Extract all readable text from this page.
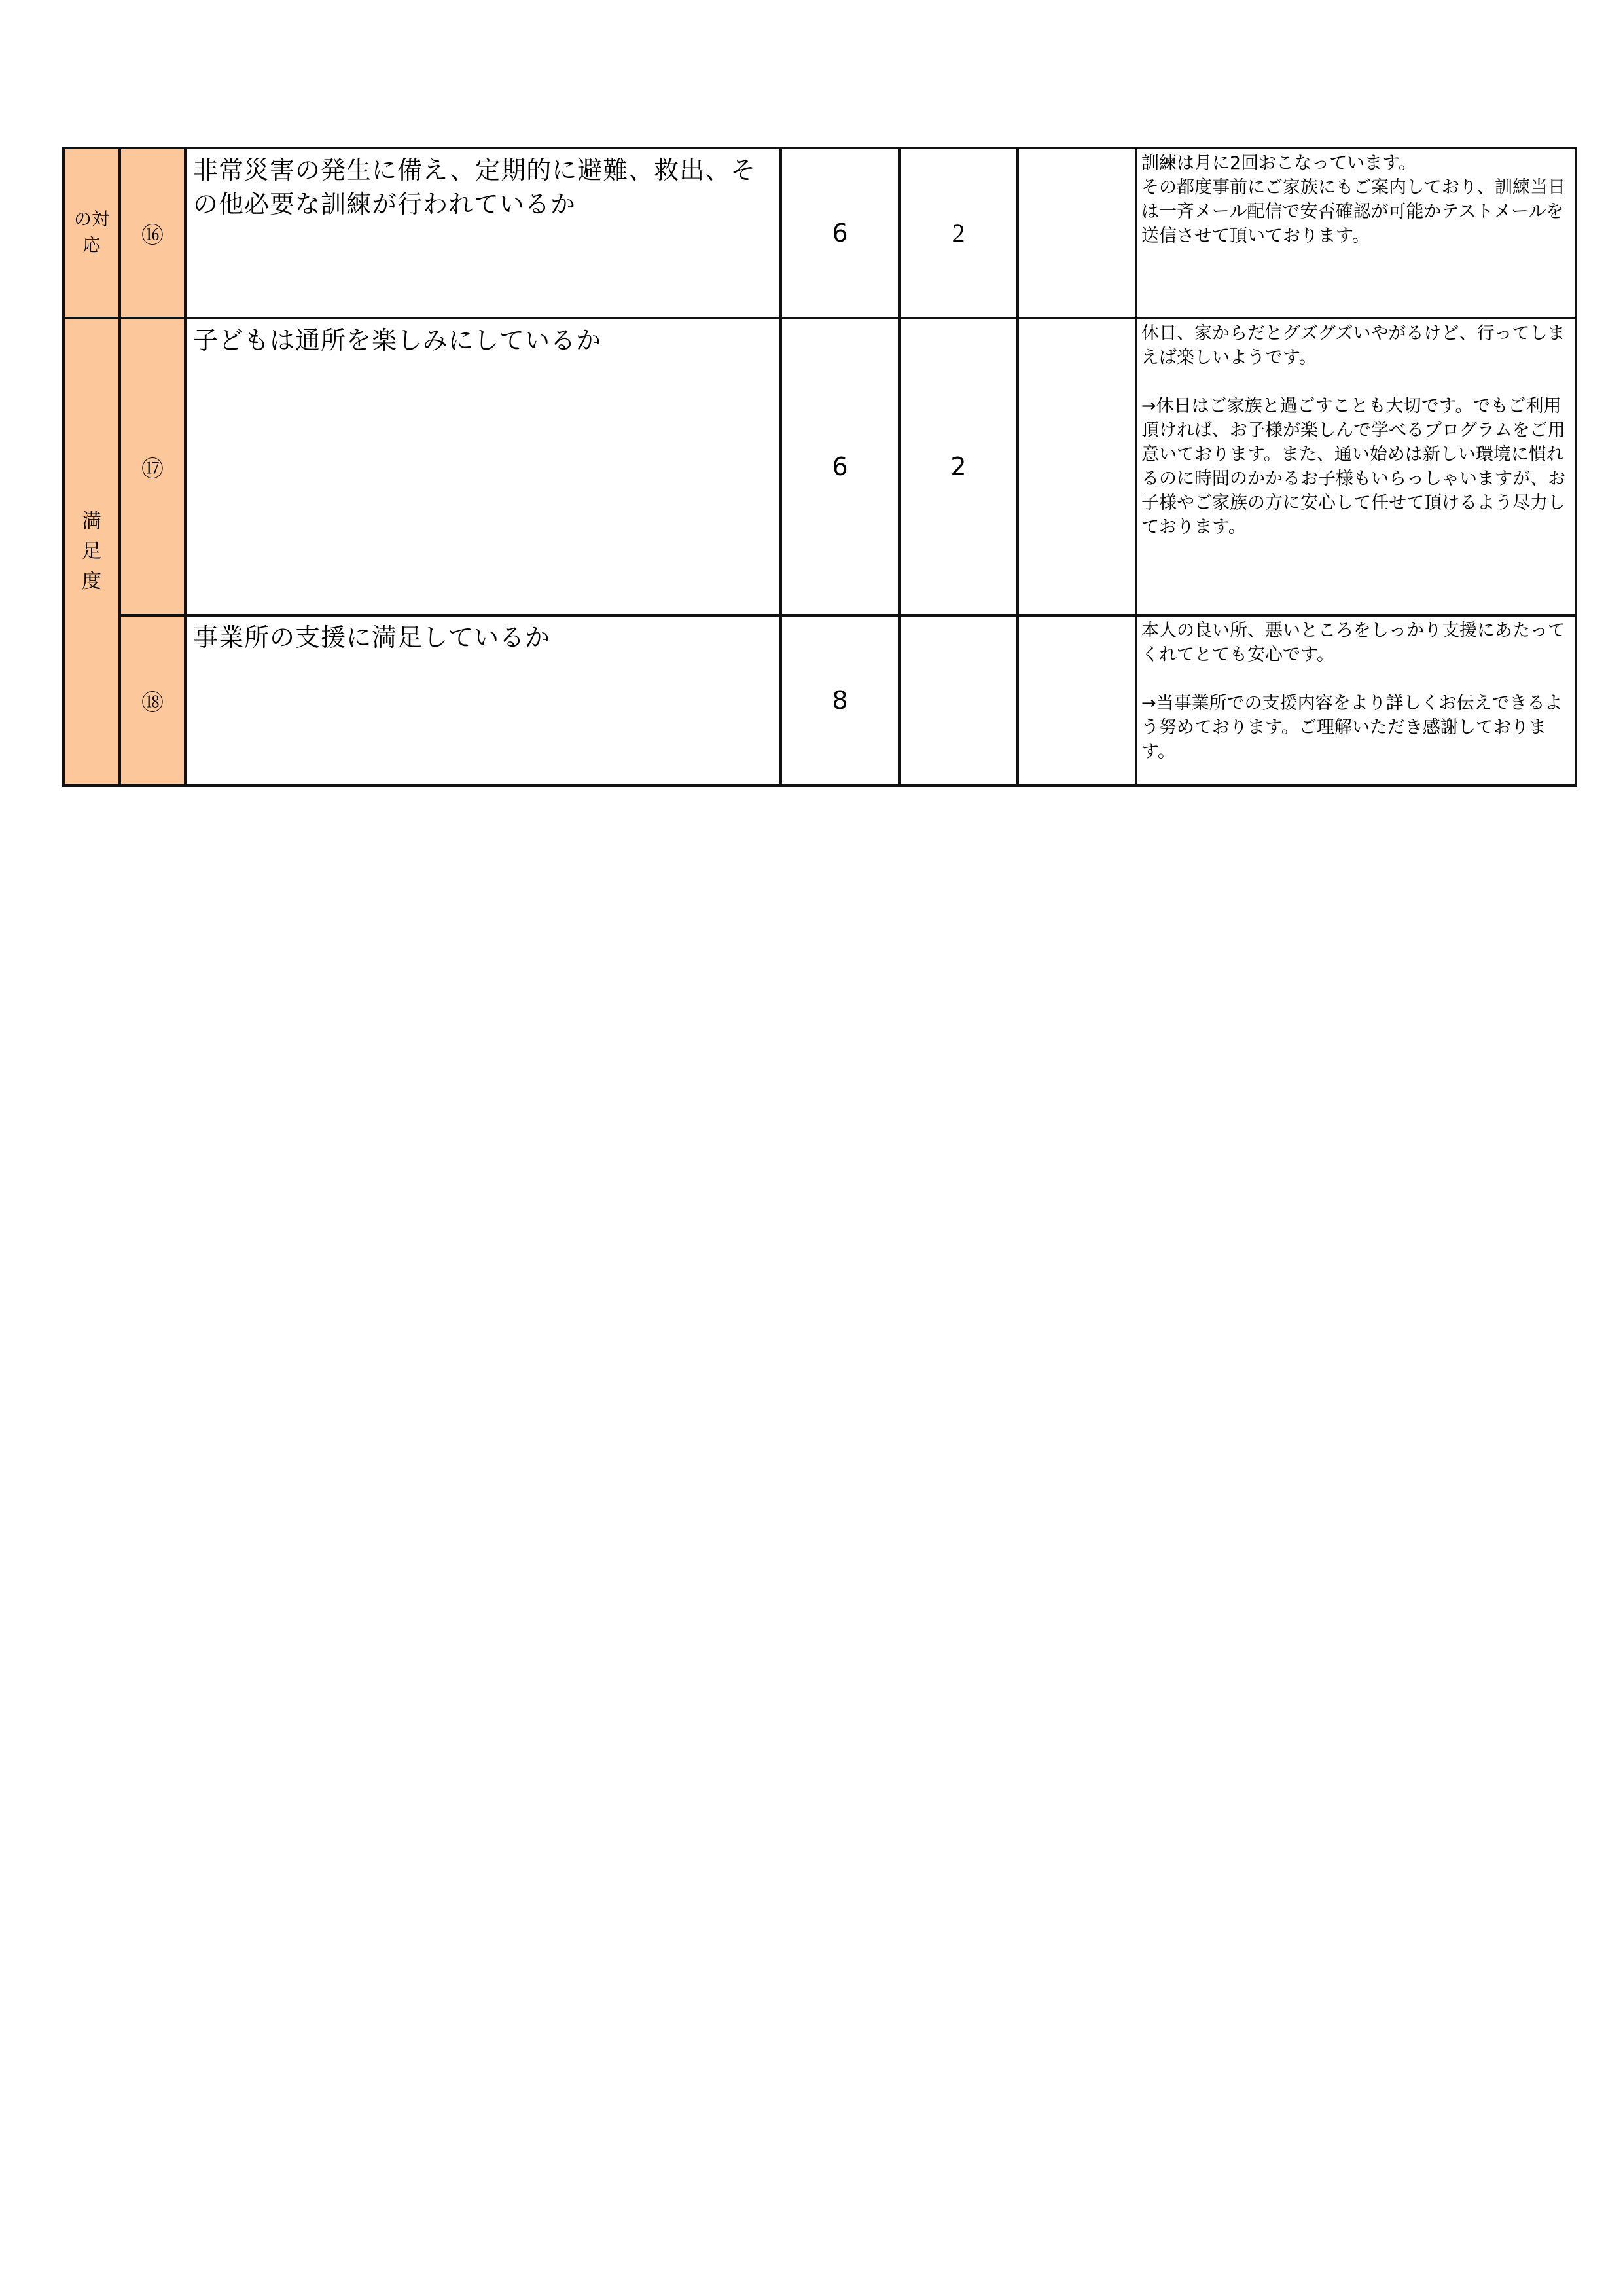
の対応	⑯	非常災害の発生に備え、定期的に避難、救出、その他必要な訓練が行われているか	6	2		訓練は月に2回おこなっています。
その都度事前にご家族にもご案内しており、訓練当日は一斉メール配信で安否確認が可能かテストメールを送信させて頂いております。

満足度	⑰	子どもは通所を楽しみにしているか	6	2		休日、家からだとグズグズいやがるけど、行ってしまえば楽しいようです。

→休日はご家族と過ごすことも大切です。でもご利用頂ければ、お子様が楽しんで学べるプログラムをご用意いております。また、通い始めは新しい環境に慣れるのに時間のかかるお子様もいらっしゃいますが、お子様やご家族の方に安心して任せて頂けるよう尽力しております。

	⑱	事業所の支援に満足しているか	8			本人の良い所、悪いところをしっかり支援にあたってくれてとても安心です。

→当事業所での支援内容をより詳しくお伝えできるよう努めております。ご理解いただき感謝しております。
